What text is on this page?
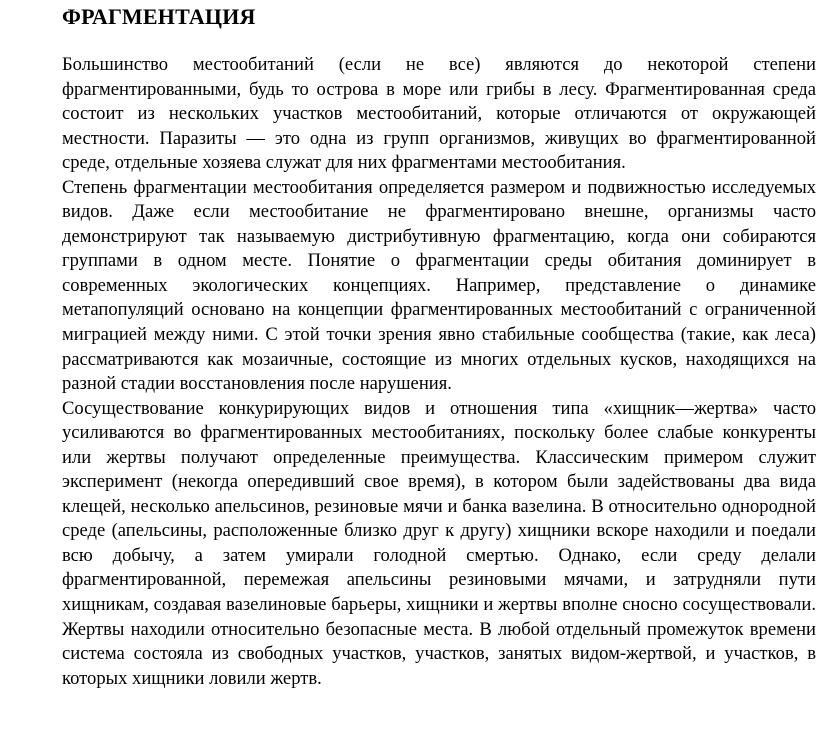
ФРАГМЕНТАЦИЯ

Большинство местообитаний (если не все) являются до некоторой степени фрагментированными, будь то острова в море или грибы в лесу. Фрагментированная среда состоит из нескольких участков местообитаний, которые отличаются от окружающей местности. Паразиты — это одна из групп организмов, живущих во фрагментированной среде, отдельные хозяева служат для них фрагментами местообитания.

Степень фрагментации местообитания определяется размером и подвижностью исследуемых видов. Даже если местообитание не фрагментировано внешне, организмы часто демонстрируют так называемую дистрибутивную фрагментацию, когда они собираются группами в одном месте. Понятие о фрагментации среды обитания доминирует в современных экологических концепциях. Например, представление о динамике метапопуляций основано на концепции фрагментированных местообитаний с ограниченной миграцией между ними. С этой точки зрения явно стабильные сообщества (такие, как леса) рассматриваются как мозаичные, состоящие из многих отдельных кусков, находящихся на разной стадии восстановления после нарушения.

Сосуществование конкурирующих видов и отношения типа «хищник—жертва» часто усиливаются во фрагментированных местообитаниях, поскольку более слабые конкуренты или жертвы получают определенные преимущества. Классическим примером служит эксперимент (некогда опередивший свое время), в котором были задействованы два вида клещей, несколько апельсинов, резиновые мячи и банка вазелина. В относительно однородной среде (апельсины, расположенные близко друг к другу) хищники вскоре находили и поедали всю добычу, а затем умирали голодной смертью. Однако, если среду делали фрагментированной, перемежая апельсины резиновыми мячами, и затрудняли пути хищникам, создавая вазелиновые барьеры, хищники и жертвы вполне сносно сосуществовали. Жертвы находили относительно безопасные места. В любой отдельный промежуток времени система состояла из свободных участков, участков, занятых видом-жертвой, и участков, в которых хищники ловили жертв.
